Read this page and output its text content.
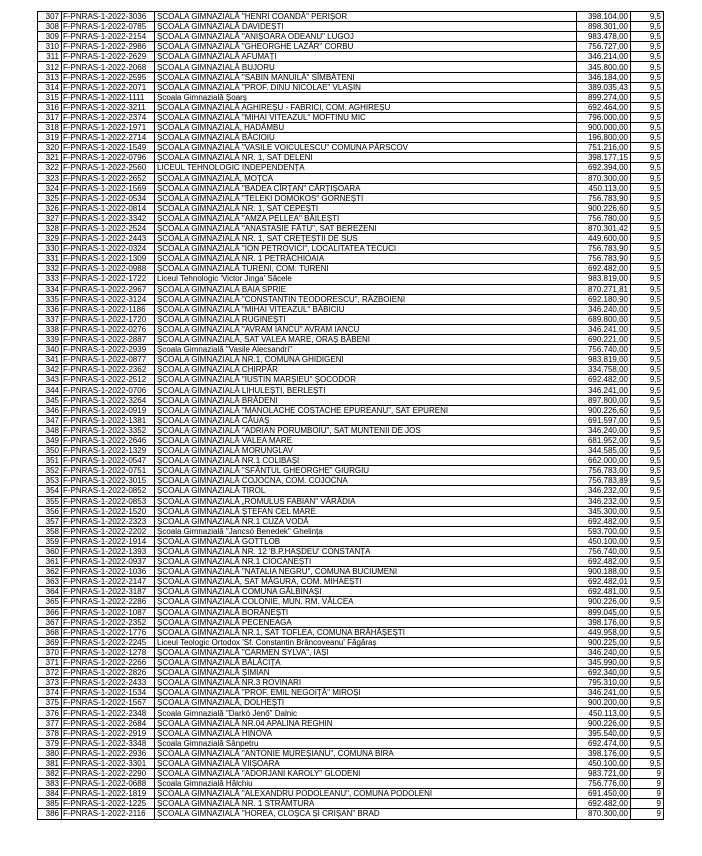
307	F-PNRAS-1-2022-3036	ȘCOALA GIMNAZIALĂ "HENRI COANDĂ" PERIȘOR	398.104,00	9,5
308	F-PNRAS-1-2022-0785	ȘCOALA GIMNAZIALĂ DAVIDEȘTI	898.301,00	9,5
309	F-PNRAS-1-2022-2154	ȘCOALA GIMNAZIALĂ "ANIȘOARA ODEANU" LUGOJ	983.478,00	9,5
310	F-PNRAS-1-2022-2986	ȘCOALA GIMNAZIALĂ "GHEORGHE LAZĂR" CORBU	756.727,00	9,5
311	F-PNRAS-1-2022-2629	ȘCOALA GIMNAZIALĂ AFUMAȚI	346.214,00	9,5
312	F-PNRAS-1-2022-2068	ȘCOALA GIMNAZIALĂ BUJORU	345.800,00	9,5
313	F-PNRAS-1-2022-2595	ȘCOALA GIMNAZIALĂ "SABIN MANUILĂ" SÎMBĂTENI	346.184,00	9,5
314	F-PNRAS-1-2022-2071	ȘCOALA GIMNAZIALĂ "PROF. DINU NICOLAE" VLAȘIN	389.035,43	9,5
315	F-PNRAS-1-2022-1111	Școala Gimnazială Șoarș	899.274,00	9,5
316	F-PNRAS-1-2022-3211	ȘCOALA GIMNAZIALĂ AGHIREȘU - FABRICI, COM. AGHIREȘU	692.464,00	9,5
317	F-PNRAS-1-2022-2374	ȘCOALA GIMNAZIALĂ "MIHAI VITEAZUL" MOFTINU MIC	796.000,00	9,5
318	F-PNRAS-1-2022-1971	ȘCOALA GIMNAZIALĂ, HADÂMBU	900.000,00	9,5
319	F-PNRAS-1-2022-2714	ȘCOALA GIMNAZIALĂ BĂCIOIU	196.800,00	9,5
320	F-PNRAS-1-2022-1549	ȘCOALA GIMNAZIALĂ "VASILE VOICULESCU" COMUNA PÂRSCOV	751.216,00	9,5
321	F-PNRAS-1-2022-0796	ȘCOALA GIMNAZIALĂ NR. 1, SAT DELENI	398.177,15	9,5
322	F-PNRAS-1-2022-2560	LICEUL TEHNOLOGIC INDEPENDENȚA	692.394,00	9,5
323	F-PNRAS-1-2022-2652	ȘCOALA GIMNAZIALĂ, MOȚCA	870.300,00	9,5
324	F-PNRAS-1-2022-1569	ȘCOALA GIMNAZIALĂ "BADEA CÎRȚAN" CÂRȚIȘOARA	450.113,00	9,5
325	F-PNRAS-1-2022-0534	ȘCOALA GIMNAZIALĂ "TELEKI DOMOKOS" GORNEȘTI	756.783,90	9,5
326	F-PNRAS-1-2022-0814	ȘCOALA GIMNAZIALĂ NR. 1, SAT CEPEȘTI	900.226,60	9,5
327	F-PNRAS-1-2022-3342	ȘCOALA GIMNAZIALĂ "AMZA PELLEA" BĂILEȘTI	756.780,00	9,5
328	F-PNRAS-1-2022-2524	ȘCOALA GIMNAZIALĂ "ANASTASIE FĂTU", SAT BEREZENI	870.301,42	9,5
329	F-PNRAS-1-2022-2443	ȘCOALA GIMNAZIALĂ NR. 1, SAT CREȚEȘTII DE SUS	449.600,00	9,5
330	F-PNRAS-1-2022-0324	ȘCOALA GIMNAZIALĂ "ION PETROVICI", LOCALITATEA TECUCI	756.783,90	9,5
331	F-PNRAS-1-2022-1309	ȘCOALA GIMNAZIALĂ NR. 1 PETRĂCHIOAIA	756.783,90	9,5
332	F-PNRAS-1-2022-0988	ȘCOALA GIMNAZIALĂ TURENI, COM. TURENI	692.482,00	9,5
333	F-PNRAS-1-2022-1722	Liceul Tehnologic 'Victor Jinga' Săcele	983.819,00	9,5
334	F-PNRAS-1-2022-2967	ȘCOALA GIMNAZIALĂ BAIA SPRIE	870.271,81	9,5
335	F-PNRAS-1-2022-3124	ȘCOALA GIMNAZIALĂ "CONSTANTIN TEODORESCU", RĂZBOIENI	692.180,90	9,5
336	F-PNRAS-1-2022-1186	ȘCOALA GIMNAZIALĂ "MIHAI VITEAZUL" BĂBICIU	346.240,00	9,5
337	F-PNRAS-1-2022-1720	ȘCOALA GIMNAZIALĂ RUGINEȘTI	689.800,00	9,5
338	F-PNRAS-1-2022-0276	ȘCOALA GIMNAZIALĂ "AVRAM IANCU" AVRAM IANCU	346.241,00	9,5
339	F-PNRAS-1-2022-2887	ȘCOALA GIMNAZIALĂ, SAT VALEA MARE, ORAȘ BĂBENI	690.221,00	9,5
340	F-PNRAS-1-2022-2939	Școala Gimnazială "Vasile Alecsandri"	756.740,00	9,5
341	F-PNRAS-1-2022-0877	ȘCOALA GIMNAZIALĂ NR.1, COMUNA GHIDIGENI	983.819,00	9,5
342	F-PNRAS-1-2022-2362	ȘCOALA GIMNAZIALĂ CHIRPĂR	334.758,00	9,5
343	F-PNRAS-1-2022-2512	ȘCOALA GIMNAZIALĂ "IUSTIN MARȘIEU" ȘOCODOR	692.482,00	9,5
344	F-PNRAS-1-2022-0706	ȘCOALA GIMNAZIALĂ LIHULEȘTI, BERLEȘTI	346.241,00	9,5
345	F-PNRAS-1-2022-3264	ȘCOALA GIMNAZIALĂ BRĂDENI	897.800,00	9,5
346	F-PNRAS-1-2022-0919	ȘCOALA GIMNAZIALĂ "MANOLACHE COSTACHE EPUREANU", SAT EPURENI	900.226,60	9,5
347	F-PNRAS-1-2022-1381	ȘCOALA GIMNAZIALĂ CĂUAȘ	691.597,00	9,5
348	F-PNRAS-1-2022-3352	ȘCOALA GIMNAZIALĂ "ADRIAN PORUMBOIU", SAT MUNTENII DE JOS	346.240,00	9,5
349	F-PNRAS-1-2022-2646	ȘCOALA GIMNAZIALĂ VALEA MARE	681.952,00	9,5
350	F-PNRAS-1-2022-1329	ȘCOALA GIMNAZIALĂ MORUNGLAV	344.585,00	9,5
351	F-PNRAS-1-2022-0547	ȘCOALA GIMNAZIALĂ NR.1 COLIBAȘI	662.000,00	9,5
352	F-PNRAS-1-2022-0751	ȘCOALA GIMNAZIALĂ "SFÂNTUL GHEORGHE" GIURGIU	756.783,00	9,5
353	F-PNRAS-1-2022-3015	ȘCOALA GIMNAZIALĂ COJOCNA, COM. COJOCNA	756.783,89	9,5
354	F-PNRAS-1-2022-0852	ȘCOALA GIMNAZIALĂ TIROL	346.232,00	9,5
355	F-PNRAS-1-2022-0853	ȘCOALA GIMNAZIALĂ „ROMULUS FABIAN" VĂRĂDIA	346.232,00	9,5
356	F-PNRAS-1-2022-1520	ȘCOALA GIMNAZIALĂ ȘTEFAN CEL MARE	345.300,00	9,5
357	F-PNRAS-1-2022-2323	ȘCOALA GIMNAZIALĂ NR.1 CUZA VODĂ	692.482,00	9,5
358	F-PNRAS-1-2022-2202	Școala Gimnazială "Jancsó Benedek" Ghelința	593.700,00	9,5
359	F-PNRAS-1-2022-1914	ȘCOALA GIMNAZIALĂ GOTTLOB	450.100,00	9,5
360	F-PNRAS-1-2022-1393	ȘCOALA GIMNAZIALĂ NR. 12 'B.P.HAȘDEU' CONSTANȚA	756.740,00	9,5
361	F-PNRAS-1-2022-0937	ȘCOALA GIMNAZIALĂ NR.1 CIOCANEȘTI	692.482,00	9,5
362	F-PNRAS-1-2022-1036	ȘCOALA GIMNAZIALĂ "NATALIA NEGRU", COMUNA BUCIUMENI	900.188,00	9,5
363	F-PNRAS-1-2022-2147	ȘCOALA GIMNAZIALĂ, SAT MĂGURA, COM. MIHAEȘTI	692.482,01	9,5
364	F-PNRAS-1-2022-3187	ȘCOALA GIMNAZIALĂ COMUNA GĂLBINAȘI	692.481,00	9,5
365	F-PNRAS-1-2022-2286	ȘCOALA GIMNAZIALĂ COLONIE, MUN. RM. VÂLCEA	900.226,00	9,5
366	F-PNRAS-1-2022-1087	ȘCOALA GIMNAZIALĂ BORĂNEȘTI	899.045,00	9,5
367	F-PNRAS-1-2022-2352	ȘCOALA GIMNAZIALĂ PECENEAGA	398.176,00	9,5
368	F-PNRAS-1-2022-1776	ȘCOALA GIMNAZIALĂ NR.1, SAT TOFLEA, COMUNA BRĂHĂȘEȘTI	449.958,00	9,5
369	F-PNRAS-1-2022-2245	Liceul Teologic Ortodox 'Sf. Constantin Brâncoveanu' Făgăraș	900.225,00	9,5
370	F-PNRAS-1-2022-1278	ȘCOALA GIMNAZIALĂ "CARMEN SYLVA", IAȘI	346.240,00	9,5
371	F-PNRAS-1-2022-2266	ȘCOALA GIMNAZIALĂ BĂLĂCIȚA	345.990,00	9,5
372	F-PNRAS-1-2022-2826	ȘCOALA GIMNAZIALĂ ȘIMIAN	692.340,00	9,5
373	F-PNRAS-1-2022-2433	ȘCOALA GIMNAZIALĂ NR.3 ROVINARI	795.310,00	9,5
374	F-PNRAS-1-2022-1534	ȘCOALA GIMNAZIALĂ "PROF. EMIL NEGOIȚĂ" MIROȘI	346.241,00	9,5
375	F-PNRAS-1-2022-1567	ȘCOALA GIMNAZIALĂ, DOLHEȘTI	900.200,00	9,5
376	F-PNRAS-1-2022-2348	Școala Gimnazială "Darkó Jenő" Dalnic	450.113,00	9,5
377	F-PNRAS-1-2022-2684	ȘCOALA GIMNAZIALĂ NR.04 APALINA REGHIN	900.226,00	9,5
378	F-PNRAS-1-2022-2919	ȘCOALA GIMNAZIALĂ HINOVA	395.540,00	9,5
379	F-PNRAS-1-2022-3348	Școala Gimnazială Sânpetru	692.474,00	9,5
380	F-PNRAS-1-2022-2936	ȘCOALA GIMNAZIALĂ "ANTONIE MUREȘIANU", COMUNA BIRA	398.176,00	9,5
381	F-PNRAS-1-2022-3301	ȘCOALA GIMNAZIALĂ VIIȘOARA	450.100,00	9,5
382	F-PNRAS-1-2022-2290	ȘCOALA GIMNAZIALĂ "ADORJANI KAROLY" GLODENI	983.721,00	9
383	F-PNRAS-1-2022-0688	Școala Gimnazială Hălchiu	756.776,00	9
384	F-PNRAS-1-2022-1819	ȘCOALA GIMNAZIALĂ "ALEXANDRU PODOLEANU", COMUNA PODOLENI	691.450,00	9
385	F-PNRAS-1-2022-1225	ȘCOALA GIMNAZIALĂ NR. 1 STRÂMTURA	692.482,00	9
386	F-PNRAS-1-2022-2116	ȘCOALA GIMNAZIALĂ "HOREA, CLOȘCA ȘI CRIȘAN" BRAD	870.300,00	9
